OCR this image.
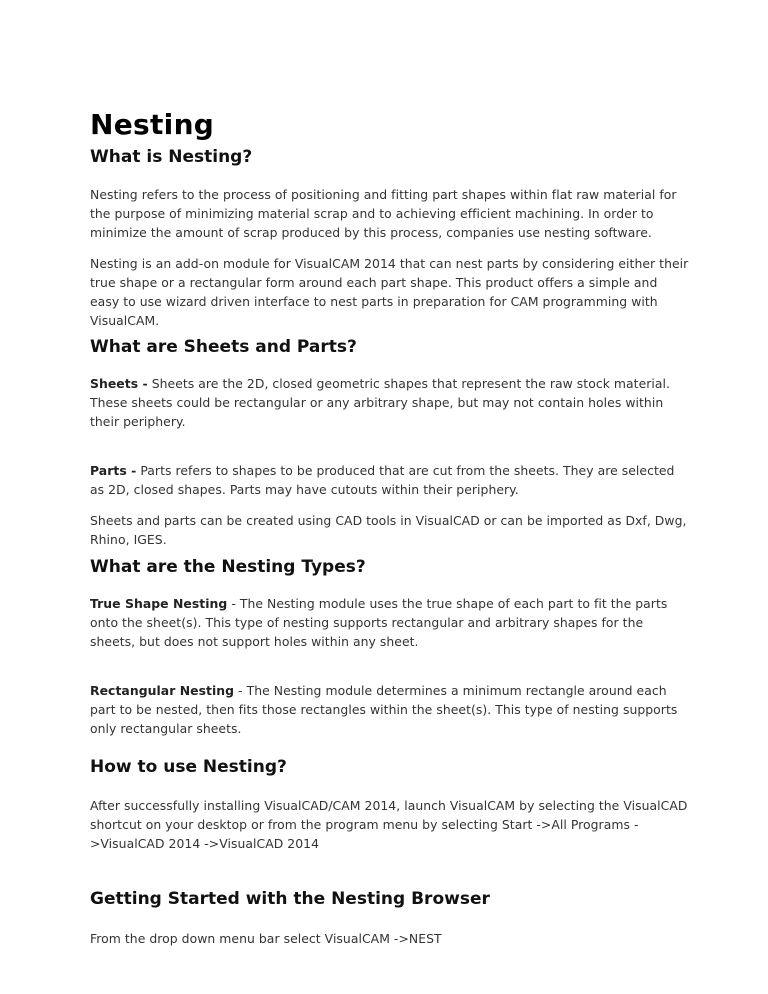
Nesting
What is Nesting?

Nesting refers to the process of positioning and fitting part shapes within flat raw material for the purpose of minimizing material scrap and to achieving efficient machining. In order to minimize the amount of scrap produced by this process, companies use nesting software.

Nesting is an add-on module for VisualCAM 2014 that can nest parts by considering either their true shape or a rectangular form around each part shape. This product offers a simple and easy to use wizard driven interface to nest parts in preparation for CAM programming with VisualCAM.

What are Sheets and Parts?

Sheets - Sheets are the 2D, closed geometric shapes that represent the raw stock material. These sheets could be rectangular or any arbitrary shape, but may not contain holes within their periphery.

Parts - Parts refers to shapes to be produced that are cut from the sheets. They are selected as 2D, closed shapes. Parts may have cutouts within their periphery.

Sheets and parts can be created using CAD tools in VisualCAD or can be imported as Dxf, Dwg, Rhino, IGES.

What are the Nesting Types?

True Shape Nesting - The Nesting module uses the true shape of each part to fit the parts onto the sheet(s). This type of nesting supports rectangular and arbitrary shapes for the sheets, but does not support holes within any sheet.

Rectangular Nesting - The Nesting module determines a minimum rectangle around each part to be nested, then fits those rectangles within the sheet(s). This type of nesting supports only rectangular sheets.

How to use Nesting?

After successfully installing VisualCAD/CAM 2014, launch VisualCAM by selecting the VisualCAD shortcut on your desktop or from the program menu by selecting Start ->All Programs ->VisualCAD 2014 ->VisualCAD 2014

Getting Started with the Nesting Browser

From the drop down menu bar select VisualCAM ->NEST
